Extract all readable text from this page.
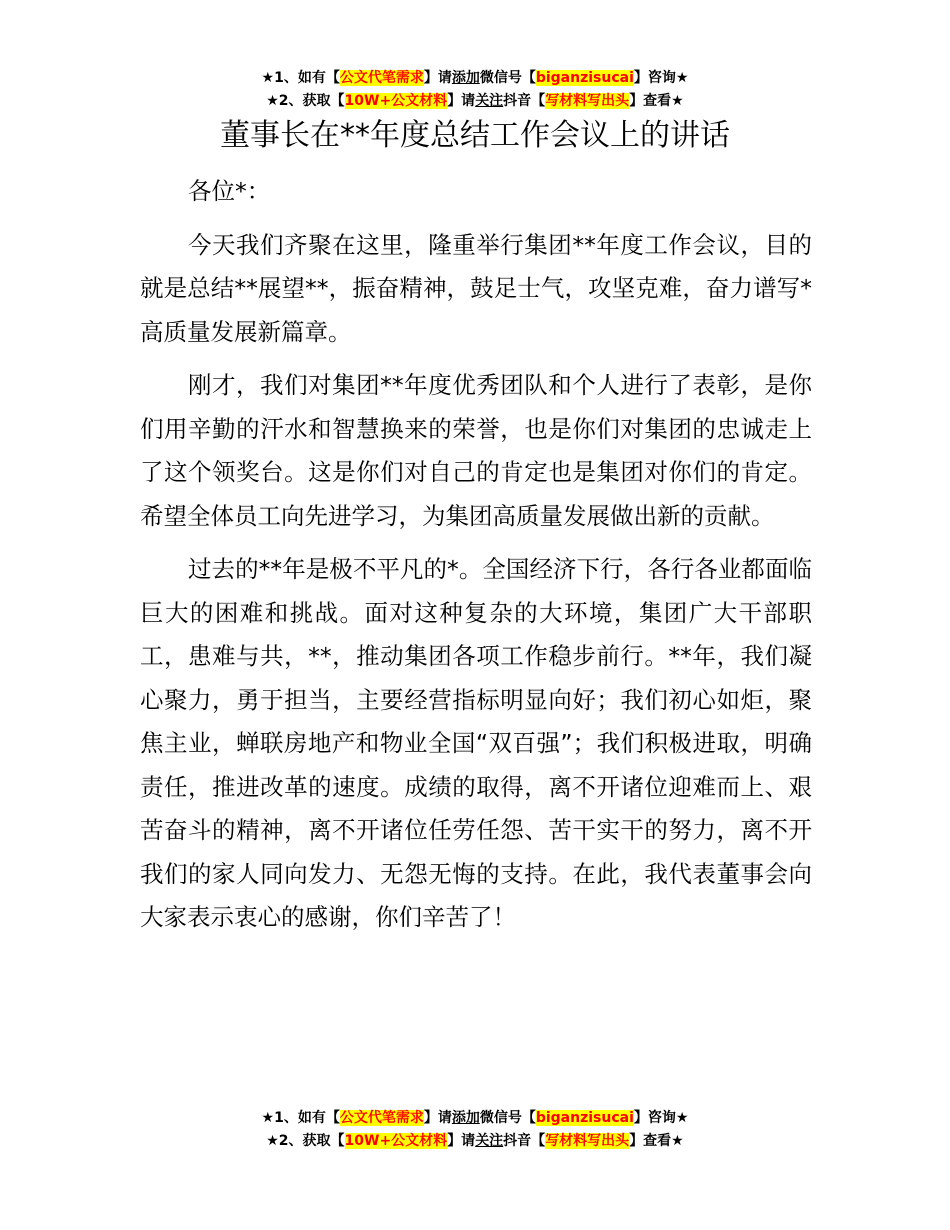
★1、如有【公文代笔需求】请添加微信号【biganzisucai】咨询★
★2、获取【10W+公文材料】请关注抖音【写材料写出头】查看★
董事长在**年度总结工作会议上的讲话

各位*：

今天我们齐聚在这里，隆重举行集团**年度工作会议，目的就是总结**展望**，振奋精神，鼓足士气，攻坚克难，奋力谱写*高质量发展新篇章。

刚才，我们对集团**年度优秀团队和个人进行了表彰，是你们用辛勤的汗水和智慧换来的荣誉，也是你们对集团的忠诚走上了这个领奖台。这是你们对自己的肯定也是集团对你们的肯定。希望全体员工向先进学习，为集团高质量发展做出新的贡献。

过去的**年是极不平凡的*。全国经济下行，各行各业都面临巨大的困难和挑战。面对这种复杂的大环境，集团广大干部职工，患难与共，**，推动集团各项工作稳步前行。**年，我们凝心聚力，勇于担当，主要经营指标明显向好；我们初心如炬，聚焦主业，蝉联房地产和物业全国“双百强”；我们积极进取，明确责任，推进改革的速度。成绩的取得，离不开诸位迎难而上、艰苦奋斗的精神，离不开诸位任劳任怨、苦干实干的努力，离不开我们的家人同向发力、无怨无悔的支持。在此，我代表董事会向大家表示衷心的感谢，你们辛苦了！

★1、如有【公文代笔需求】请添加微信号【biganzisucai】咨询★
★2、获取【10W+公文材料】请关注抖音【写材料写出头】查看★
